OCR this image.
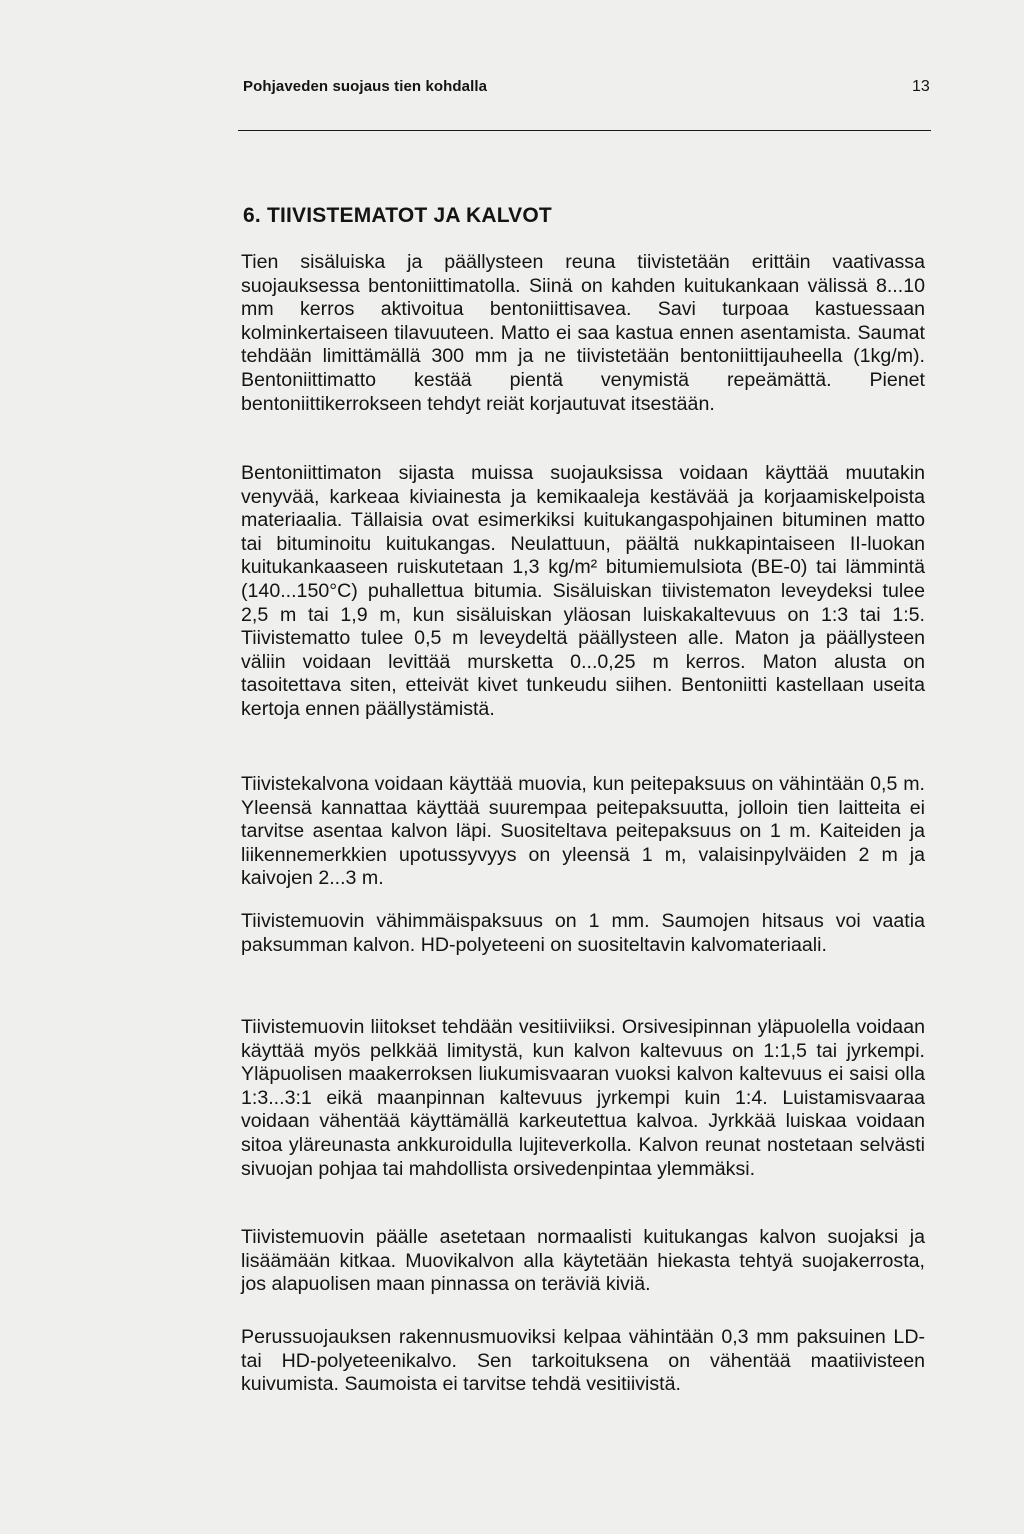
Pohjaveden suojaus tien kohdalla	13
6. TIIVISTEMATOT JA KALVOT

Tien sisäluiska ja päällysteen reuna tiivistetään erittäin vaativassa suojauksessa bentoniittimatolla. Siinä on kahden kuitukankaan välissä 8...10 mm kerros aktivoitua bentoniittisavea. Savi turpoaa kastuessaan kolminkertaiseen tilavuuteen. Matto ei saa kastua ennen asentamista. Saumat tehdään limittämällä 300 mm ja ne tiivistetään bentoniittijauheella (1kg/m). Bentoniittimatto kestää pientä venymistä repeämättä. Pienet bentoniittikerrokseen tehdyt reiät korjautuvat itsestään.

Bentoniittimaton sijasta muissa suojauksissa voidaan käyttää muutakin venyvää, karkeaa kiviainesta ja kemikaaleja kestävää ja korjaamiskelpoista materiaalia. Tällaisia ovat esimerkiksi kuitukangaspohjainen bituminen matto tai bituminoitu kuitukangas. Neulattuun, päältä nukkapintaiseen II-luokan kuitukankaaseen ruiskutetaan 1,3 kg/m² bitumiemulsiota (BE-0) tai lämmintä (140...150°C) puhallettua bitumia. Sisäluiskan tiivistematon leveydeksi tulee 2,5 m tai 1,9 m, kun sisäluiskan yläosan luiskakaltevuus on 1:3 tai 1:5. Tiivistematto tulee 0,5 m leveydeltä päällysteen alle. Maton ja päällysteen väliin voidaan levittää mursketta 0...0,25 m kerros. Maton alusta on tasoitettava siten, etteivät kivet tunkeudu siihen. Bentoniitti kastellaan useita kertoja ennen päällystämistä.

Tiivistekalvona voidaan käyttää muovia, kun peitepaksuus on vähintään 0,5 m. Yleensä kannattaa käyttää suurempaa peitepaksuutta, jolloin tien laitteita ei tarvitse asentaa kalvon läpi. Suositeltava peitepaksuus on 1 m. Kaiteiden ja liikennemerkkien upotussyvyys on yleensä 1 m, valaisinpylväiden 2 m ja kaivojen 2...3 m.

Tiivistemuovin vähimmäispaksuus on 1 mm. Saumojen hitsaus voi vaatia paksumman kalvon. HD-polyeteeni on suositeltavin kalvomateriaali.

Tiivistemuovin liitokset tehdään vesitiiviiksi. Orsivesipinnan yläpuolella voidaan käyttää myös pelkkää limitystä, kun kalvon kaltevuus on 1:1,5 tai jyrkempi. Yläpuolisen maakerroksen liukumisvaaran vuoksi kalvon kaltevuus ei saisi olla 1:3...3:1 eikä maanpinnan kaltevuus jyrkempi kuin 1:4. Luistamisvaaraa voidaan vähentää käyttämällä karkeutettua kalvoa. Jyrkkää luiskaa voidaan sitoa yläreunasta ankkuroidulla lujiteverkolla. Kalvon reunat nostetaan selvästi sivuojan pohjaa tai mahdollista orsivedenpintaa ylemmäksi.

Tiivistemuovin päälle asetetaan normaalisti kuitukangas kalvon suojaksi ja lisäämään kitkaa. Muovikalvon alla käytetään hiekasta tehtyä suojakerrosta, jos alapuolisen maan pinnassa on teräviä kiviä.

Perussuojauksen rakennusmuoviksi kelpaa vähintään 0,3 mm paksuinen LD- tai HD-polyeteenikalvo. Sen tarkoituksena on vähentää maatiivisteen kuivumista. Saumoista ei tarvitse tehdä vesitiivistä.
